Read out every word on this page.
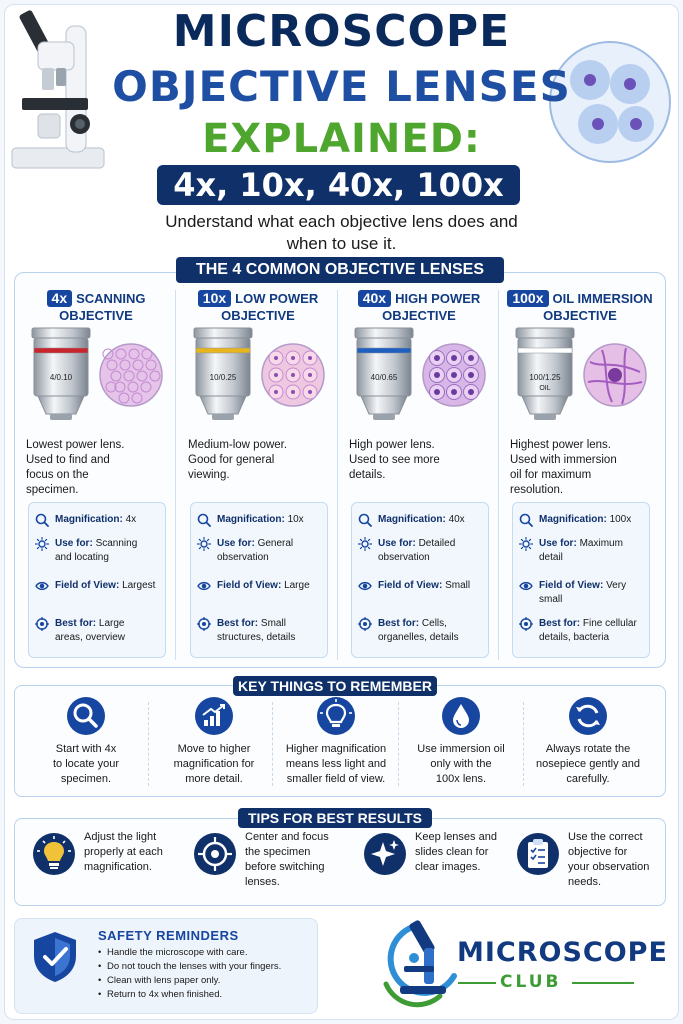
MICROSCOPE
OBJECTIVE LENSES
EXPLAINED:
4x, 10x, 40x, 100x
Understand what each objective lens does and
when to use it.
THE 4 COMMON OBJECTIVE LENSES
4x SCANNING
OBJECTIVE
4/0.10
Lowest power lens.
Used to find and
focus on the
specimen.
Magnification: 4x
Use for: Scanning
and locating
Field of View: Largest

Best for: Large
areas, overview
10x LOW POWER
OBJECTIVE
10/0.25
Medium-low power.
Good for general
viewing.
Magnification: 10x
Use for: General
observation
Field of View: Large

Best for: Small
structures, details
40x HIGH POWER
OBJECTIVE
40/0.65
High power lens.
Used to see more
details.
Magnification: 40x
Use for: Detailed
observation
Field of View: Small

Best for: Cells,
organelles, details
100x OIL IMMERSION
OBJECTIVE
100/1.25
OIL
Highest power lens.
Used with immersion
oil for maximum
resolution.
Magnification: 100x
Use for: Maximum
detail
Field of View: Very
small
Best for: Fine cellular
details, bacteria
KEY THINGS TO REMEMBER
Start with 4x
to locate your
specimen.
Move to higher
magnification for
more detail.
Higher magnification
means less light and
smaller field of view.
Use immersion oil
only with the
100x lens.
Always rotate the
nosepiece gently and
carefully.
TIPS FOR BEST RESULTS
Adjust the light
properly at each
magnification.
Center and focus
the specimen
before switching
lenses.
Keep lenses and
slides clean for
clear images.
Use the correct
objective for
your observation
needs.
SAFETY REMINDERS
• Handle the microscope with care.
• Do not touch the lenses with your fingers.
• Clean with lens paper only.
• Return to 4x when finished.
MICROSCOPE
CLUB
